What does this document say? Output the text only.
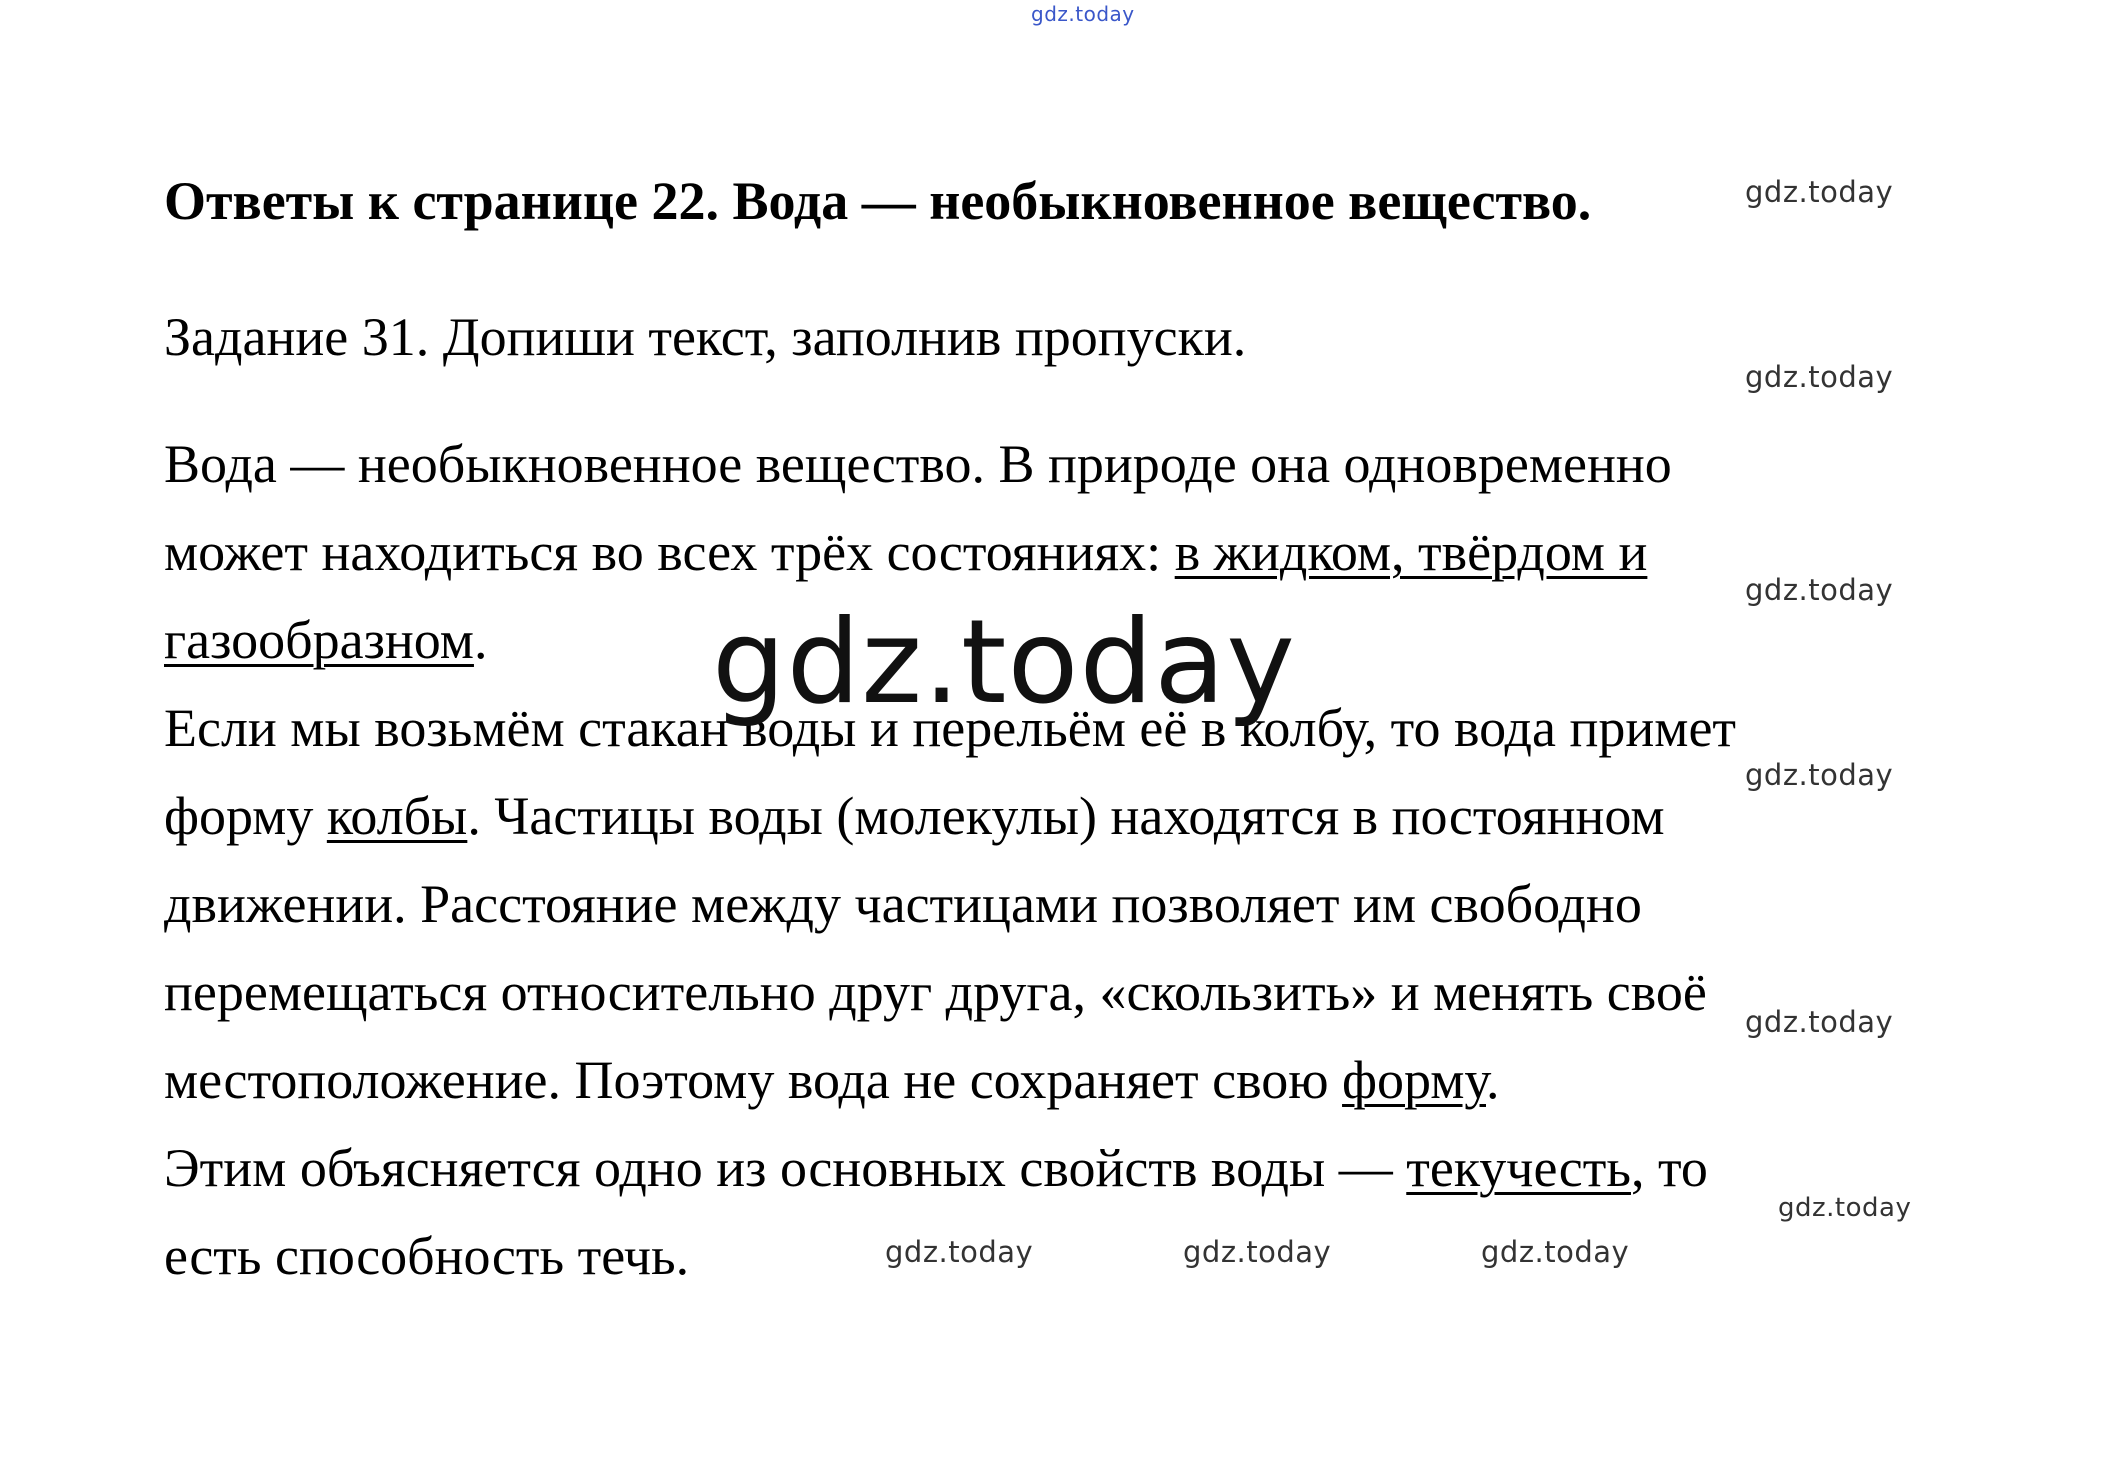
gdz.today
Ответы к странице 22. Вода — необыкновенное вещество.	gdz.today

Задание 31. Допиши текст, заполнив пропуски.

gdz.today

Вода — необыкновенное вещество. В природе она одновременно

может находиться во всех трёх состояниях: в жидком, твёрдом и

gdz.today

газообразном.

Если мы возьмём стакан воды и перельём её в колбу, то вода примет

gdz.today

форму колбы. Частицы воды (молекулы) находятся в постоянном

движении. Расстояние между частицами позволяет им свободно

перемещаться относительно друг друга, «скользить» и менять своё gdz.today

местоположение. Поэтому вода не сохраняет свою форму.

Этим объясняется одно из основных свойств воды — текучесть, то

gdz.today

есть способность течь.	gdz.today	gdz.today	gdz.today
gdz.today
